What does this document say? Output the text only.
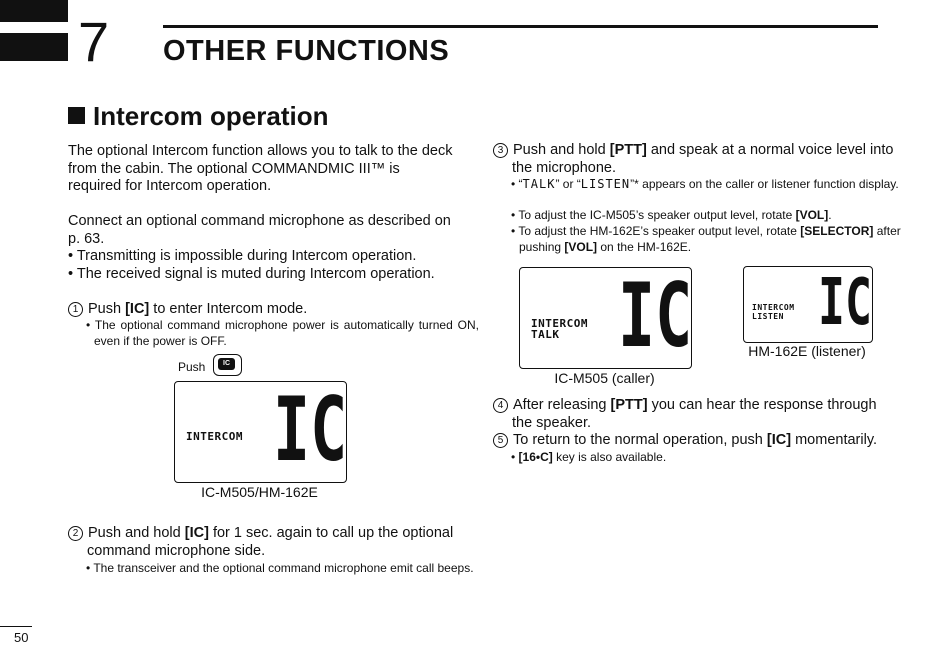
7 OTHER FUNCTIONS
Intercom operation
The optional Intercom function allows you to talk to the deck from the cabin. The optional COMMANDMIC III™ is required for Intercom operation.
Connect an optional command microphone as described on p. 63.
• Transmitting is impossible during Intercom operation.
• The received signal is muted during Intercom operation.
1 Push [IC] to enter Intercom mode.
• The optional command microphone power is automatically turned ON, even if the power is OFF.
Push	IC
INTERCOM IC
IC-M505/HM-162E
2 Push and hold [IC] for 1 sec. again to call up the optional command microphone side.
• The transceiver and the optional command microphone emit call beeps.
3 Push and hold [PTT] and speak at a normal voice level into the microphone.
• “TALK” or “LISTEN”* appears on the caller or listener function display.
• To adjust the IC-M505’s speaker output level, rotate [VOL].
• To adjust the HM-162E’s speaker output level, rotate [SELECTOR] after pushing [VOL] on the HM-162E.
INTERCOM
TALK IC
IC-M505 (caller)
INTERCOM
LISTEN IC
HM-162E (listener)
4 After releasing [PTT] you can hear the response through the speaker.
5 To return to the normal operation, push [IC] momentarily.
• [16•C] key is also available.
50
